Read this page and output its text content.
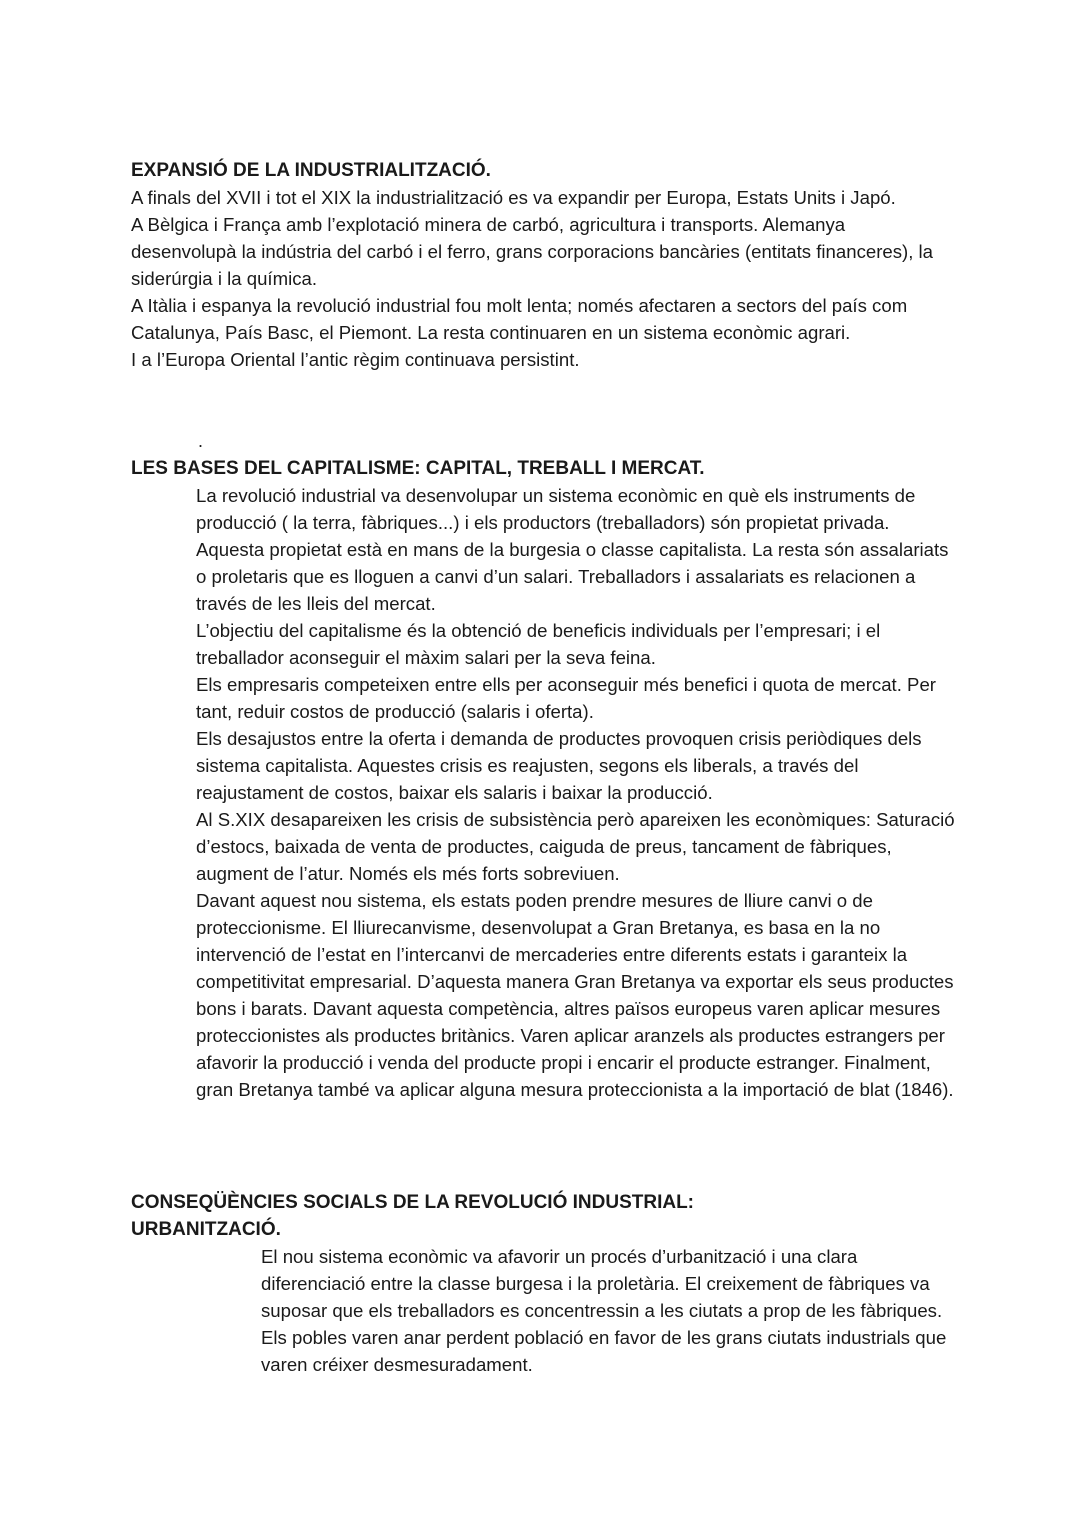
EXPANSIÓ DE LA INDUSTRIALITZACIÓ.

A finals del XVII i tot el XIX la industrialització es va expandir per Europa, Estats Units i Japó.

A Bèlgica i França amb l’explotació minera de carbó, agricultura i transports. Alemanya desenvolupà la indústria del carbó i el ferro, grans corporacions bancàries (entitats financeres), la siderúrgia i la química.

A Itàlia i espanya la revolució industrial fou molt lenta; només afectaren a sectors del país com Catalunya, País Basc, el Piemont. La resta continuaren en un sistema econòmic agrari.

I a l’Europa Oriental l’antic règim continuava persistint.

.
LES BASES DEL CAPITALISME: CAPITAL, TREBALL I MERCAT.

La revolució industrial va desenvolupar un sistema econòmic en què els instruments de producció ( la terra, fàbriques...) i els productors (treballadors) són propietat privada.

Aquesta propietat està en mans de la burgesia o classe capitalista. La resta són assalariats o proletaris que es lloguen a canvi d’un salari. Treballadors i assalariats es relacionen a través de les lleis del mercat.

L’objectiu del capitalisme és la obtenció de beneficis individuals per l’empresari; i el treballador aconseguir el màxim salari per la seva feina.

Els empresaris competeixen entre ells per aconseguir més benefici i quota de mercat. Per tant, reduir costos de producció (salaris i oferta).

Els desajustos entre la oferta i demanda de productes provoquen crisis periòdiques dels sistema capitalista. Aquestes crisis es reajusten, segons els liberals, a través del reajustament de costos, baixar els salaris i baixar la producció.

Al S.XIX desapareixen les crisis de subsistència però apareixen les econòmiques: Saturació d’estocs, baixada de venta de productes, caiguda de preus, tancament de fàbriques, augment de l’atur. Només els més forts sobreviuen.

Davant aquest nou sistema, els estats poden prendre mesures de lliure canvi o de proteccionisme. El lliurecanvisme, desenvolupat a Gran Bretanya, es basa en la no intervenció de l’estat en l’intercanvi de mercaderies entre diferents estats i garanteix la competitivitat empresarial. D’aquesta manera Gran Bretanya va exportar els seus productes bons i barats. Davant aquesta competència, altres països europeus varen aplicar mesures proteccionistes als productes britànics. Varen aplicar aranzels als productes estrangers per afavorir la producció i venda del producte propi i encarir el producte estranger. Finalment, gran Bretanya també va aplicar alguna mesura proteccionista a la importació de blat (1846).

CONSEQÜÈNCIES SOCIALS DE LA REVOLUCIÓ INDUSTRIAL:
URBANITZACIÓ.

El nou sistema econòmic va afavorir un procés d’urbanització i una clara diferenciació entre la classe burgesa i la proletària. El creixement de fàbriques va suposar que els treballadors es concentressin a les ciutats a prop de les fàbriques. Els pobles varen anar perdent població en favor de les grans ciutats industrials que varen créixer desmesuradament.
